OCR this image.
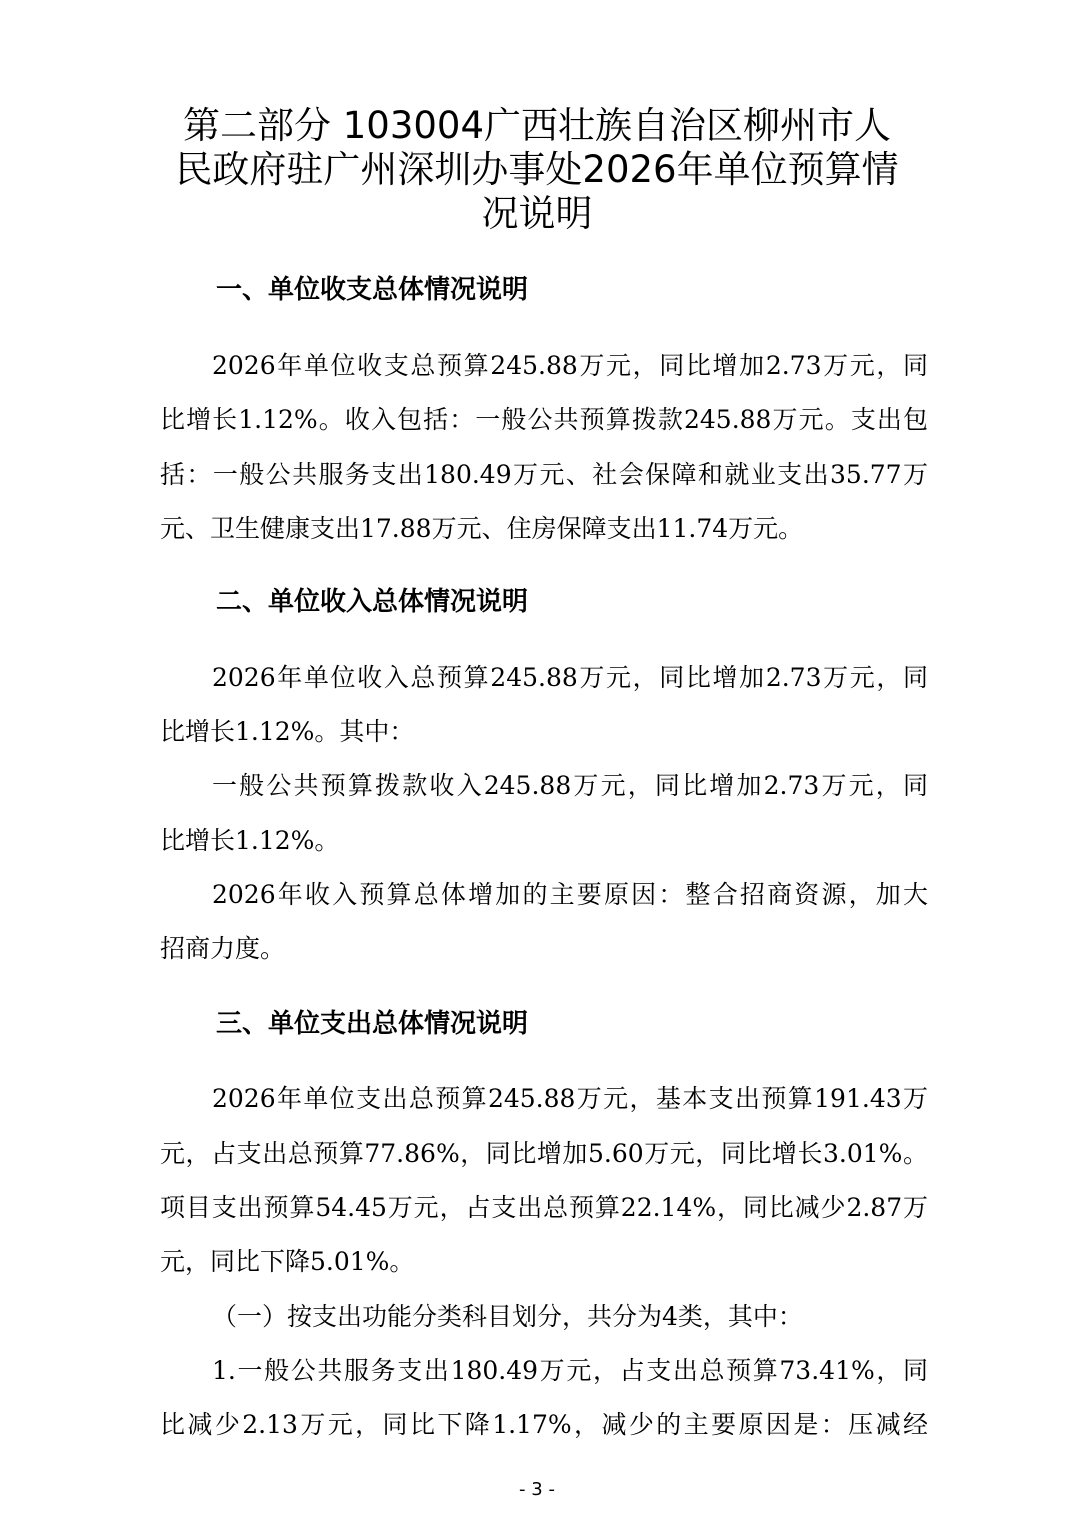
第二部分 103004广西壮族自治区柳州市人
民政府驻广州深圳办事处2026年单位预算情
况说明
一、单位收支总体情况说明

2026年单位收支总预算245.88万元，同比增加2.73万元，同

比增长1.12%。收入包括：一般公共预算拨款245.88万元。支出包

括：一般公共服务支出180.49万元、社会保障和就业支出35.77万

元、卫生健康支出17.88万元、住房保障支出11.74万元。

二、单位收入总体情况说明

2026年单位收入总预算245.88万元，同比增加2.73万元，同

比增长1.12%。其中：

一般公共预算拨款收入245.88万元，同比增加2.73万元，同

比增长1.12%。

2026年收入预算总体增加的主要原因：整合招商资源，加大

招商力度。

三、单位支出总体情况说明

2026年单位支出总预算245.88万元，基本支出预算191.43万

元，占支出总预算77.86%，同比增加5.60万元，同比增长3.01%。

项目支出预算54.45万元，占支出总预算22.14%，同比减少2.87万

元，同比下降5.01%。

（一）按支出功能分类科目划分，共分为4类，其中：

1.一般公共服务支出180.49万元，占支出总预算73.41%，同

比减少2.13万元，同比下降1.17%，减少的主要原因是：压减经

- 3 -
